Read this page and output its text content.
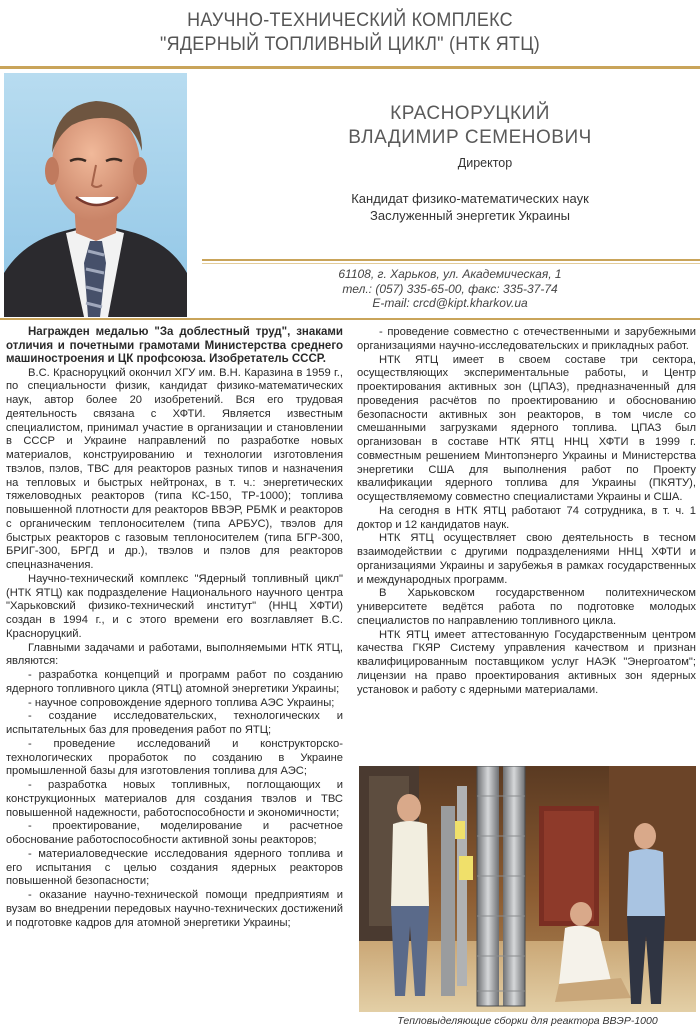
НАУЧНО-ТЕХНИЧЕСКИЙ КОМПЛЕКС
"ЯДЕРНЫЙ ТОПЛИВНЫЙ ЦИКЛ" (НТК ЯТЦ)
КРАСНОРУЦКИЙ
ВЛАДИМИР СЕМЕНОВИЧ
Директор
Кандидат физико-математических наук
Заслуженный энергетик Украины
61108, г. Харьков, ул. Академическая, 1
тел.: (057) 335-65-00, факс: 335-37-74
E-mail: crcd@kipt.kharkov.ua

Награжден медалью "За доблестный труд", знаками отличия и почетными грамотами Министерства среднего машиностроения и ЦК профсоюза. Изобретатель СССР.

В.С. Красноруцкий окончил ХГУ им. В.Н. Каразина в 1959 г., по специальности физик, кандидат физико-математических наук, автор более 20 изобретений. Вся его трудовая деятельность связана с ХФТИ. Является известным специалистом, принимал участие в организации и становлении в СССР и Украине направлений по разработке новых материалов, конструированию и технологии изготовления твэлов, пэлов, ТВС для реакторов разных типов и назначения на тепловых и быстрых нейтронах, в т. ч.: энергетических тяжеловодных реакторов (типа КС-150, ТР-1000); топлива повышенной плотности для реакторов ВВЭР, РБМК и реакторов с органическим теплоносителем (типа АРБУС), твэлов для быстрых реакторов с газовым теплоносителем (типа БГР-300, БРИГ-300, БРГД и др.), твэлов и пэлов для реакторов спецназначения.

Научно-технический комплекс "Ядерный топливный цикл" (НТК ЯТЦ) как подразделение Национального научного центра "Харьковский физико-технический институт" (ННЦ ХФТИ) создан в 1994 г., и с этого времени его возглавляет В.С. Красноруцкий.

Главными задачами и работами, выполняемыми НТК ЯТЦ, являются:

- разработка концепций и программ работ по созданию ядерного топливного цикла (ЯТЦ) атомной энергетики Украины;

- научное сопровождение ядерного топлива АЭС Украины;

- создание исследовательских, технологических и испытательных баз для проведения работ по ЯТЦ;

- проведение исследований и конструкторско-технологических проработок по созданию в Украине промышленной базы для изготовления топлива для АЭС;

- разработка новых топливных, поглощающих и конструкционных материалов для создания твэлов и ТВС повышенной надежности, работоспособности и экономичности;

- проектирование, моделирование и расчетное обоснование работоспособности активной зоны реакторов;

- материаловедческие исследования ядерного топлива и его испытания с целью создания ядерных реакторов повышенной безопасности;

- оказание научно-технической помощи предприятиям и вузам во внедрении передовых научно-технических достижений и подготовке кадров для атомной энергетики Украины;

- проведение совместно с отечественными и зарубежными организациями научно-исследовательских и прикладных работ.

НТК ЯТЦ имеет в своем составе три сектора, осуществляющих экспериментальные работы, и Центр проектирования активных зон (ЦПАЗ), предназначенный для проведения расчётов по проектированию и обоснованию безопасности активных зон реакторов, в том числе со смешанными загрузками ядерного топлива. ЦПАЗ был организован в составе НТК ЯТЦ ННЦ ХФТИ в 1999 г. совместным решением Минтопэнерго Украины и Министерства энергетики США для выполнения работ по Проекту квалификации ядерного топлива для Украины (ПКЯТУ), осуществляемому совместно специалистами Украины и США.

На сегодня в НТК ЯТЦ работают 74 сотрудника, в т. ч. 1 доктор и 12 кандидатов наук.

НТК ЯТЦ осуществляет свою деятельность в тесном взаимодействии с другими подразделениями ННЦ ХФТИ и организациями Украины и зарубежья в рамках государственных и международных программ.

В Харьковском государственном политехническом университете ведётся работа по подготовке молодых специалистов по направлению топливного цикла.

НТК ЯТЦ имеет аттестованную Государственным центром качества ГКЯР Систему управления качеством и признан квалифицированным поставщиком услуг НАЭК "Энергоатом"; лицензии на право проектирования активных зон ядерных установок и работу с ядерными материалами.

Тепловыделяющие сборки для реактора ВВЭР-1000
